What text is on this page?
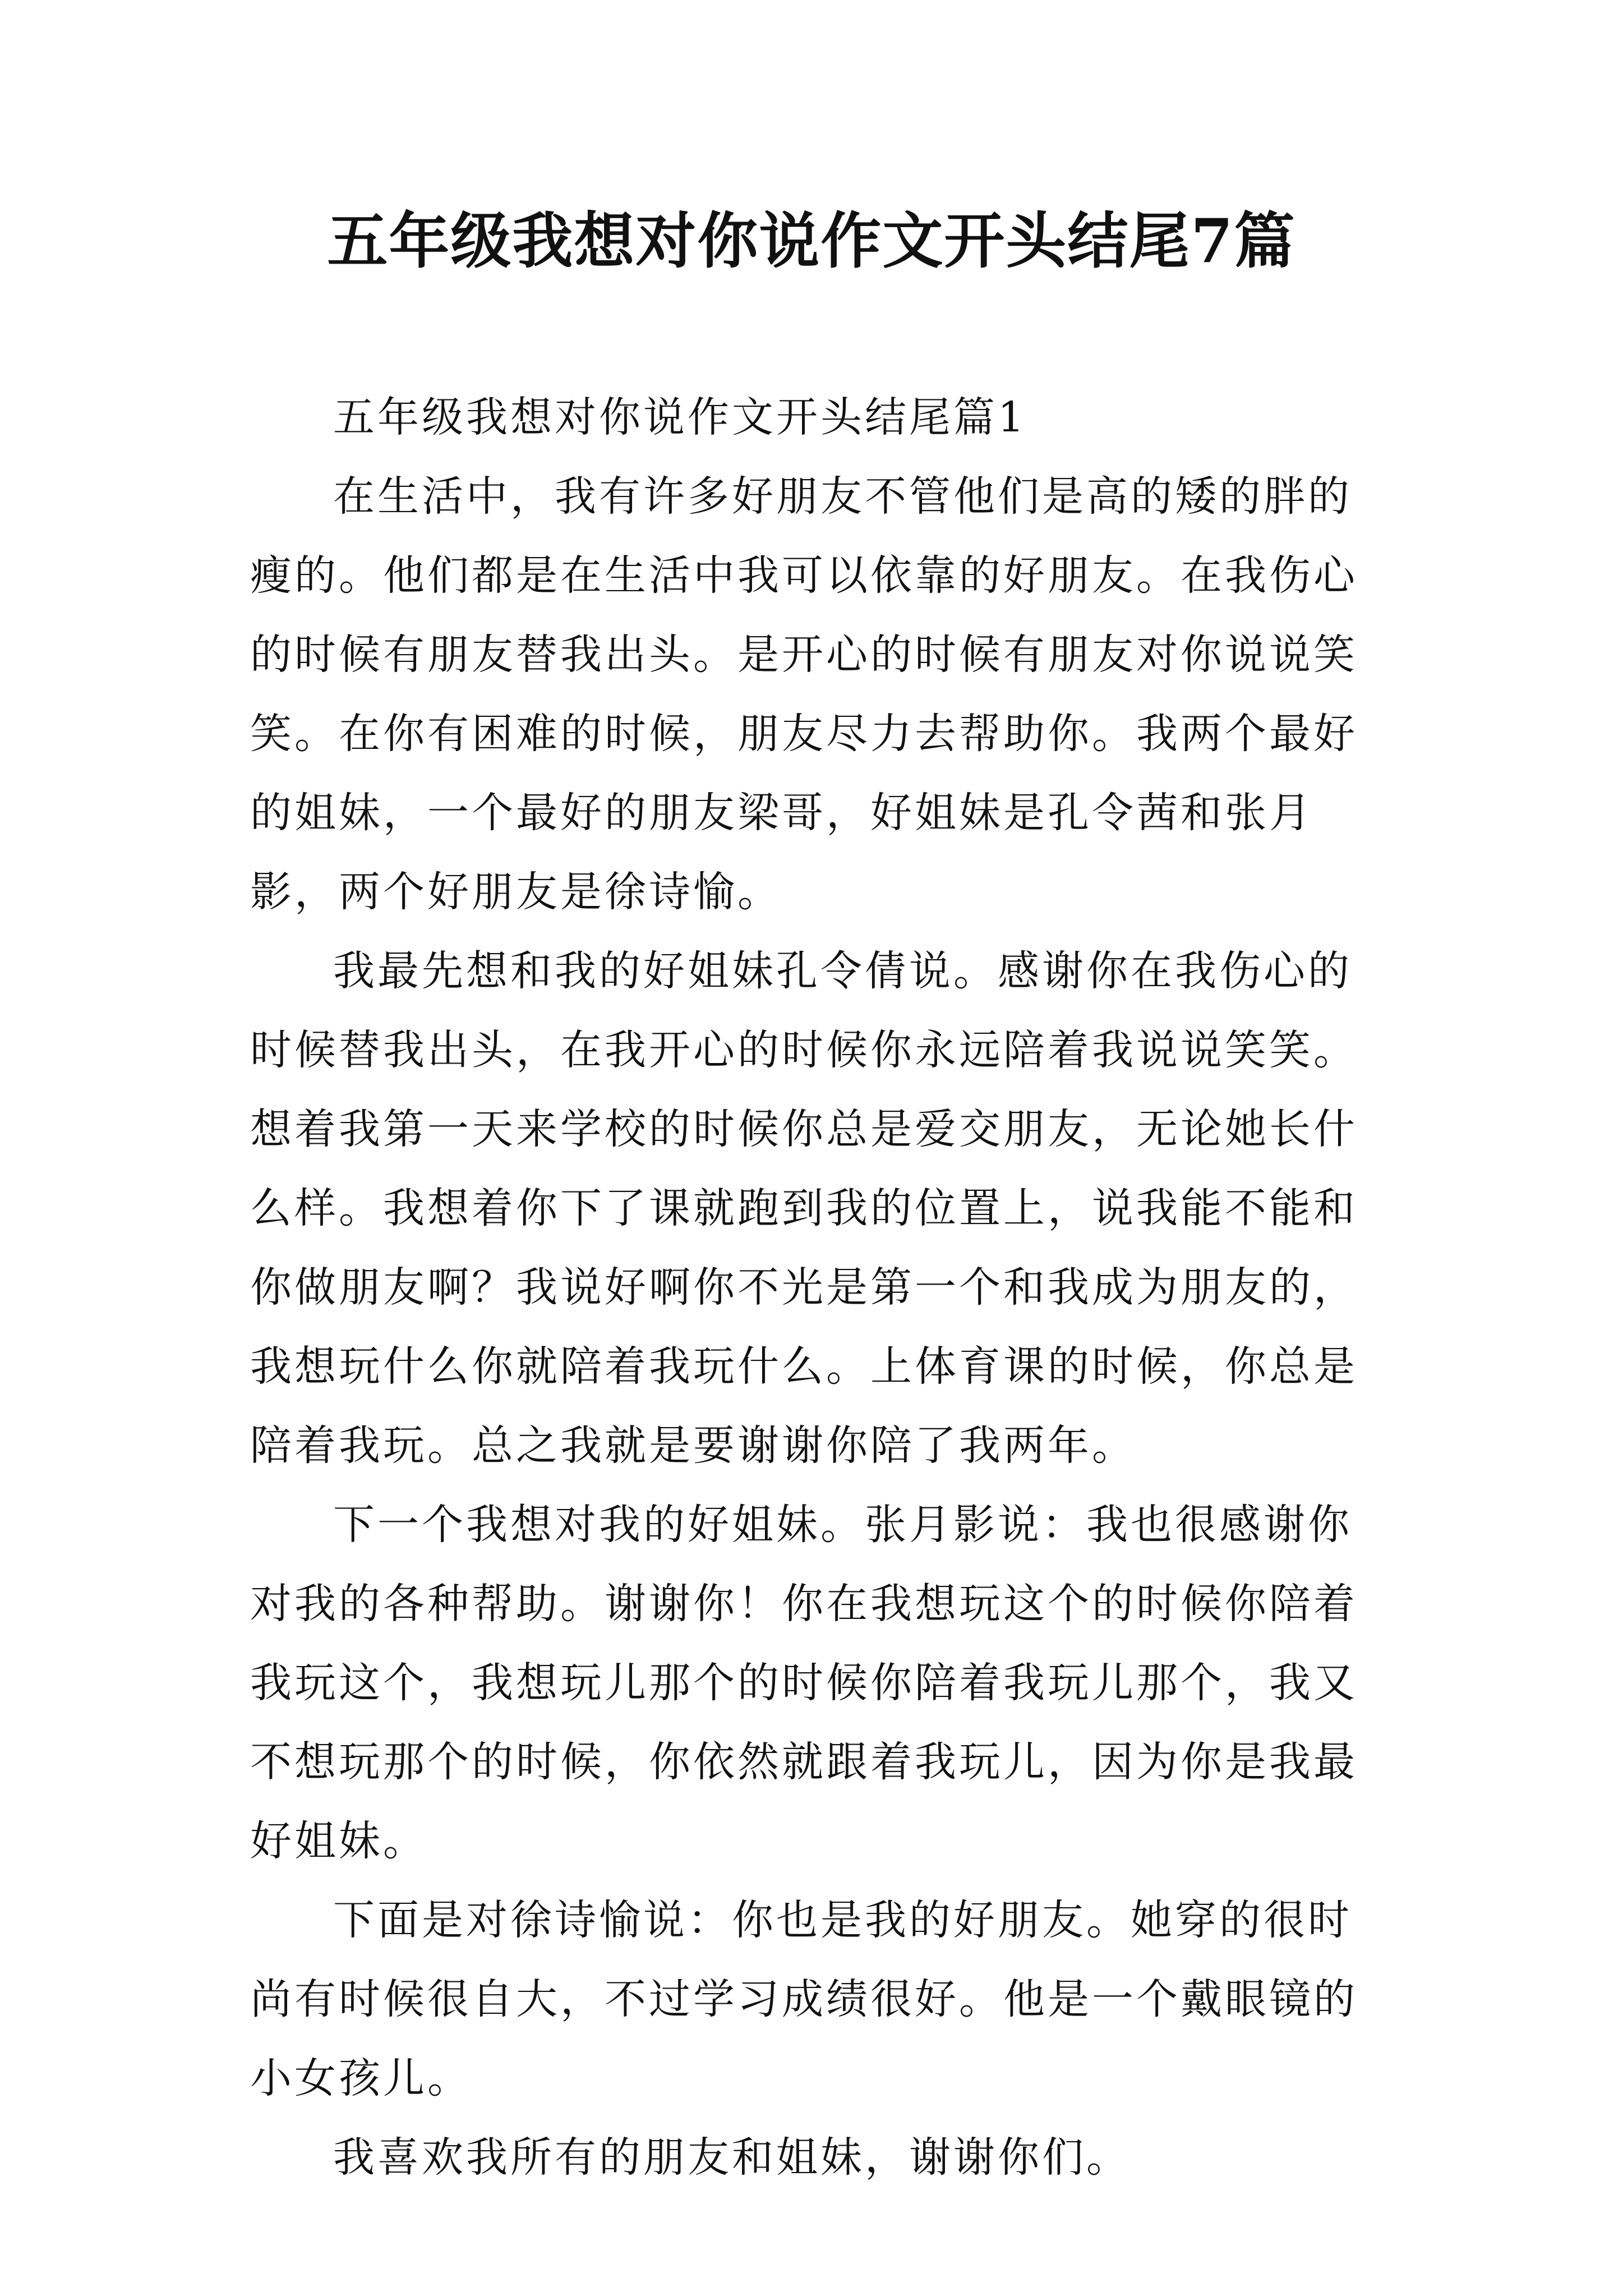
五年级我想对你说作文开头结尾7篇

五年级我想对你说作文开头结尾篇1

在生活中，我有许多好朋友不管他们是高的矮的胖的瘦的。他们都是在生活中我可以依靠的好朋友。在我伤心的时候有朋友替我出头。是开心的时候有朋友对你说说笑笑。在你有困难的时候，朋友尽力去帮助你。我两个最好的姐妹，一个最好的朋友梁哥，好姐妹是孔令茜和张月影，两个好朋友是徐诗愉。

我最先想和我的好姐妹孔令倩说。感谢你在我伤心的时候替我出头，在我开心的时候你永远陪着我说说笑笑。想着我第一天来学校的时候你总是爱交朋友，无论她长什么样。我想着你下了课就跑到我的位置上，说我能不能和你做朋友啊？我说好啊你不光是第一个和我成为朋友的，我想玩什么你就陪着我玩什么。上体育课的时候，你总是陪着我玩。总之我就是要谢谢你陪了我两年。

下一个我想对我的好姐妹。张月影说：我也很感谢你对我的各种帮助。谢谢你！你在我想玩这个的时候你陪着我玩这个，我想玩儿那个的时候你陪着我玩儿那个，我又不想玩那个的时候，你依然就跟着我玩儿，因为你是我最好姐妹。

下面是对徐诗愉说：你也是我的好朋友。她穿的很时尚有时候很自大，不过学习成绩很好。他是一个戴眼镜的小女孩儿。

我喜欢我所有的朋友和姐妹，谢谢你们。
